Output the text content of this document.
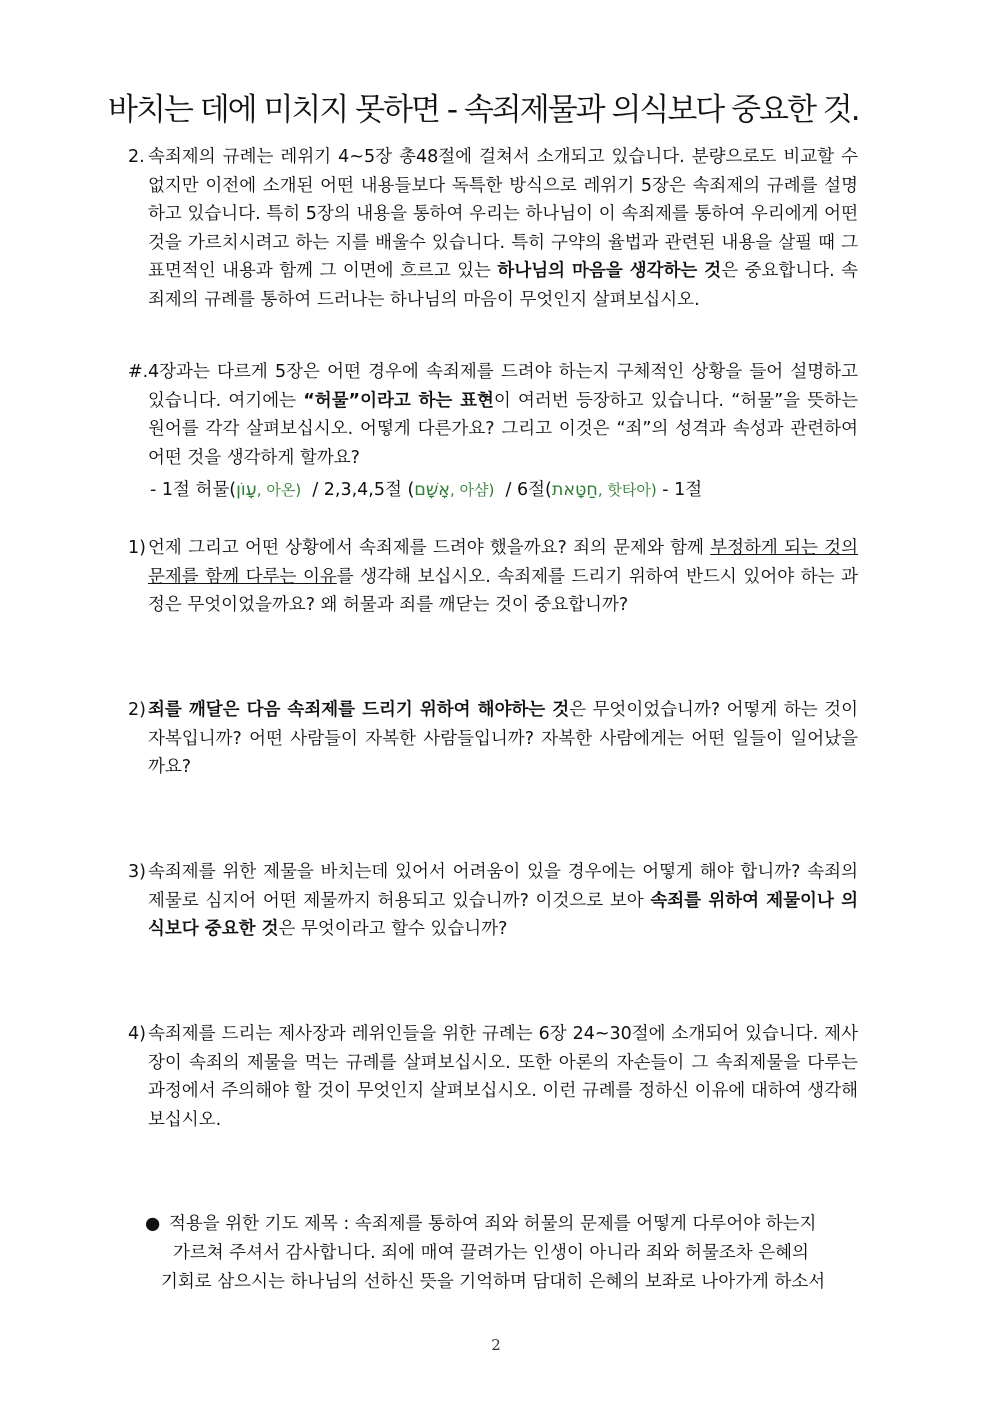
바치는 데에 미치지 못하면 - 속죄제물과 의식보다 중요한 것.
2. 속죄제의 규례는 레위기 4~5장 총48절에 걸쳐서 소개되고 있습니다. 분량으로도 비교할 수 없지만 이전에 소개된 어떤 내용들보다 독특한 방식으로 레위기 5장은 속죄제의 규례를 설명하고 있습니다. 특히 5장의 내용을 통하여 우리는 하나님이 이 속죄제를 통하여 우리에게 어떤 것을 가르치시려고 하는 지를 배울수 있습니다. 특히 구약의 율법과 관련된 내용을 살필 때 그 표면적인 내용과 함께 그 이면에 흐르고 있는 하나님의 마음을 생각하는 것은 중요합니다. 속죄제의 규례를 통하여 드러나는 하나님의 마음이 무엇인지 살펴보십시오.
#. 4장과는 다르게 5장은 어떤 경우에 속죄제를 드려야 하는지 구체적인 상황을 들어 설명하고 있습니다. 여기에는 “허물”이라고 하는 표현이 여러번 등장하고 있습니다. “허물”을 뜻하는 원어를 각각 살펴보십시오. 어떻게 다른가요? 그리고 이것은 “죄”의 성격과 속성과 관련하여 어떤 것을 생각하게 할까요?
- 1절 허물(עָוֹן, 아온) / 2,3,4,5절 (אָשָׁם, 아샴) / 6절(חַטָּאת, 핫타아) - 1절
1) 언제 그리고 어떤 상황에서 속죄제를 드려야 했을까요? 죄의 문제와 함께 부정하게 되는 것의 문제를 함께 다루는 이유를 생각해 보십시오. 속죄제를 드리기 위하여 반드시 있어야 하는 과정은 무엇이었을까요? 왜 허물과 죄를 깨닫는 것이 중요합니까?
2) 죄를 깨달은 다음 속죄제를 드리기 위하여 해야하는 것은 무엇이었습니까? 어떻게 하는 것이 자복입니까? 어떤 사람들이 자복한 사람들입니까? 자복한 사람에게는 어떤 일들이 일어났을까요?
3) 속죄제를 위한 제물을 바치는데 있어서 어려움이 있을 경우에는 어떻게 해야 합니까? 속죄의 제물로 심지어 어떤 제물까지 허용되고 있습니까? 이것으로 보아 속죄를 위하여 제물이나 의식보다 중요한 것은 무엇이라고 할수 있습니까?
4) 속죄제를 드리는 제사장과 레위인들을 위한 규례는 6장 24~30절에 소개되어 있습니다. 제사장이 속죄의 제물을 먹는 규례를 살펴보십시오. 또한 아론의 자손들이 그 속죄제물을 다루는 과정에서 주의해야 할 것이 무엇인지 살펴보십시오. 이런 규례를 정하신 이유에 대하여 생각해 보십시오.
● 적용을 위한 기도 제목 : 속죄제를 통하여 죄와 허물의 문제를 어떻게 다루어야 하는지
가르쳐 주셔서 감사합니다. 죄에 매여 끌려가는 인생이 아니라 죄와 허물조차 은혜의
기회로 삼으시는 하나님의 선하신 뜻을 기억하며 담대히 은혜의 보좌로 나아가게 하소서
2
